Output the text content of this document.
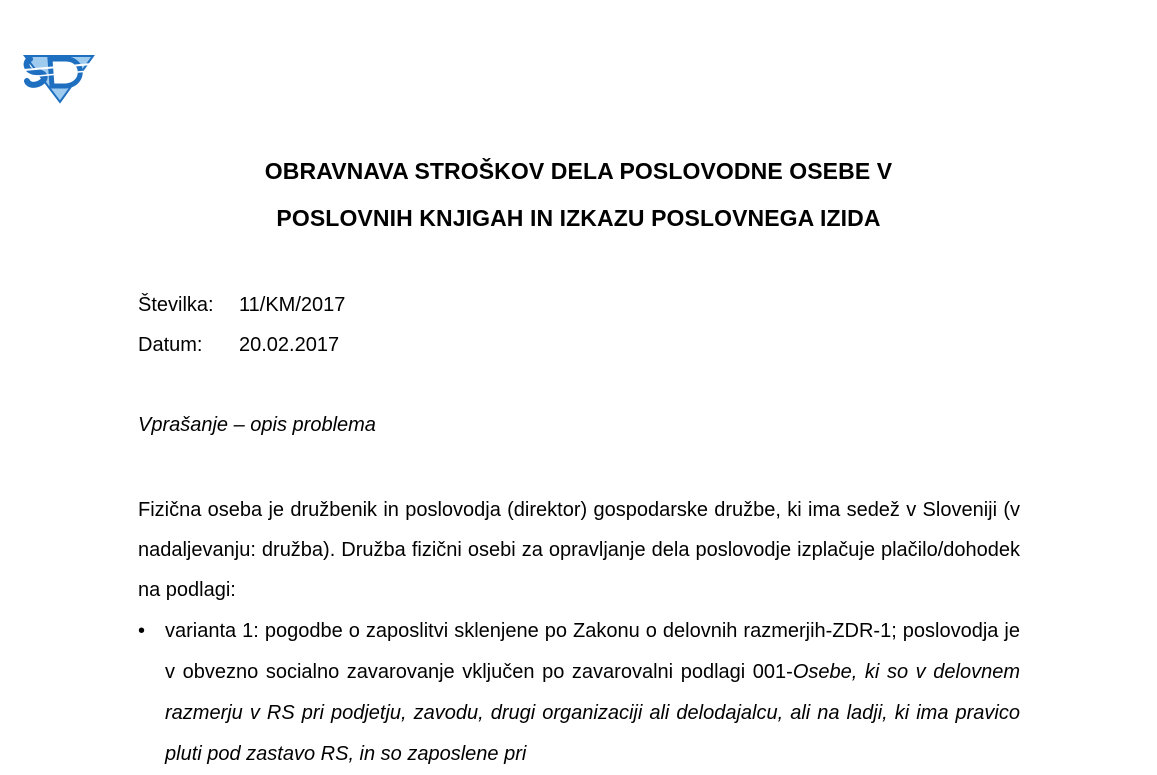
OBRAVNAVA STROŠKOV DELA POSLOVODNE OSEBE V
POSLOVNIH KNJIGAH IN IZKAZU POSLOVNEGA IZIDA
Številka: 11/KM/2017
Datum: 20.02.2017
Vprašanje – opis problema

Fizična oseba je družbenik in poslovodja (direktor) gospodarske družbe, ki ima sedež v Sloveniji (v nadaljevanju: družba). Družba fizični osebi za opravljanje dela poslovodje izplačuje plačilo/dohodek na podlagi:

• varianta 1: pogodbe o zaposlitvi sklenjene po Zakonu o delovnih razmerjih-ZDR-1; poslovodja je v obvezno socialno zavarovanje vključen po zavarovalni podlagi 001-Osebe, ki so v delovnem razmerju v RS pri podjetju, zavodu, drugi organizaciji ali delodajalcu, ali na ladji, ki ima pravico pluti pod zastavo RS, in so zaposlene pri
